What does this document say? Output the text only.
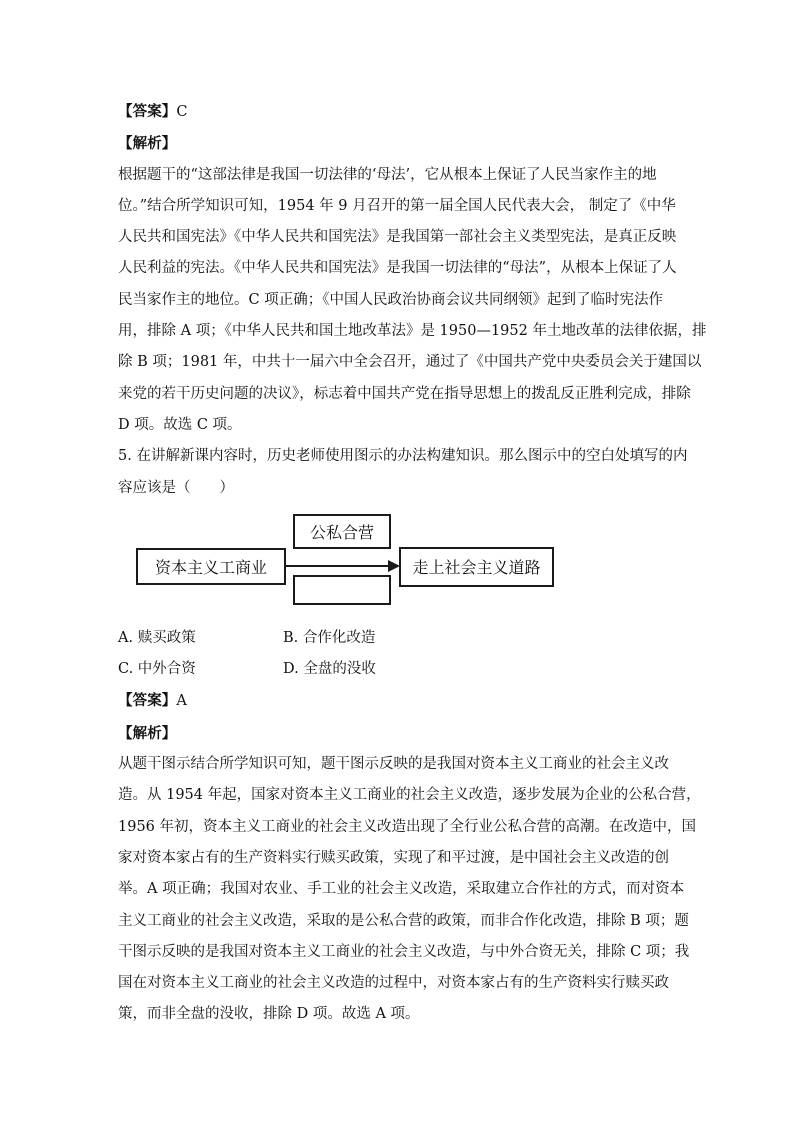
【答案】C
【解析】
根据题干的“这部法律是我国一切法律的‘母法’，它从根本上保证了人民当家作主的地
位。”结合所学知识可知，1954 年 9 月召开的第一届全国人民代表大会， 制定了《中华
人民共和国宪法》《中华人民共和国宪法》是我国第一部社会主义类型宪法，是真正反映
人民利益的宪法。《中华人民共和国宪法》是我国一切法律的“母法”，从根本上保证了人
民当家作主的地位。C 项正确；《中国人民政治协商会议共同纲领》起到了临时宪法作
用，排除 A 项；《中华人民共和国土地改革法》是 1950—1952 年土地改革的法律依据，排
除 B 项；1981 年，中共十一届六中全会召开，通过了《中国共产党中央委员会关于建国以
来党的若干历史问题的决议》，标志着中国共产党在指导思想上的拨乱反正胜利完成，排除
D 项。故选 C 项。
5. 在讲解新课内容时，历史老师使用图示的办法构建知识。那么图示中的空白处填写的内
容应该是（　　）
资本主义工商业
公私合营
走上社会主义道路
A. 赎买政策	B. 合作化改造
C. 中外合资	D. 全盘的没收
【答案】A
【解析】
从题干图示结合所学知识可知，题干图示反映的是我国对资本主义工商业的社会主义改
造。从 1954 年起，国家对资本主义工商业的社会主义改造，逐步发展为企业的公私合营，
1956 年初，资本主义工商业的社会主义改造出现了全行业公私合营的高潮。在改造中，国
家对资本家占有的生产资料实行赎买政策，实现了和平过渡，是中国社会主义改造的创
举。A 项正确；我国对农业、手工业的社会主义改造，采取建立合作社的方式，而对资本
主义工商业的社会主义改造，采取的是公私合营的政策，而非合作化改造，排除 B 项；题
干图示反映的是我国对资本主义工商业的社会主义改造，与中外合资无关，排除 C 项；我
国在对资本主义工商业的社会主义改造的过程中，对资本家占有的生产资料实行赎买政
策，而非全盘的没收，排除 D 项。故选 A 项。
